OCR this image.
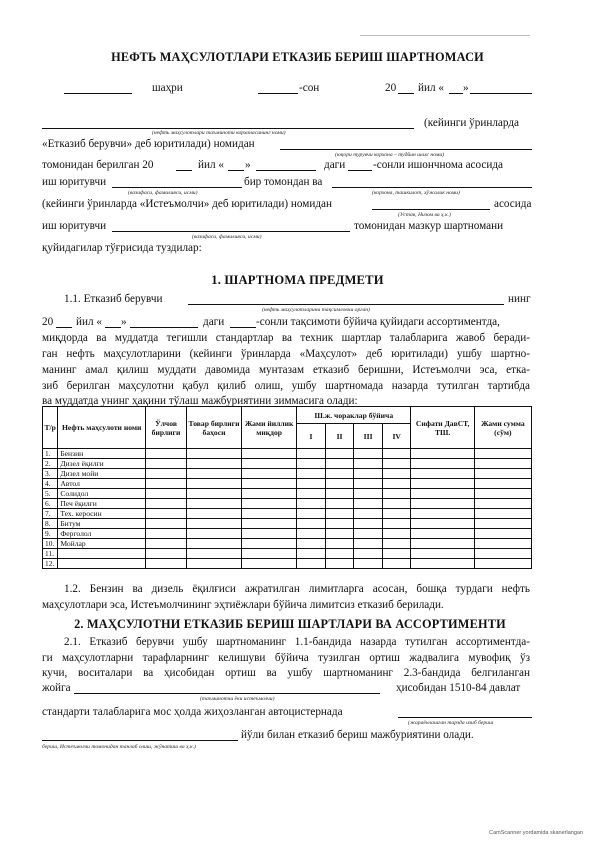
НЕФТЬ МАҲСУЛОТЛАРИ ЕТКАЗИБ БЕРИШ ШАРТНОМАСИ
шаҳри	-сон	20 йил « »
(кейинги ўринларда
(нефть маҳсулотлари таъминоти корхонасининг номи)
«Етказиб берувчи» деб юритилади) номидан
(юқори турувчи корхона – тудйин шахс номи)
томонидан берилган 20	йил « »	даги -сонли ишончнома асосида
иш юритувчи	бир томондан ва
(вазифаси, фамилияси, исми)	(корхона, ташкилот, хўжалик номи)
(кейинги ўринларда «Истеъмолчи» деб юритилади) номидан	асосида
(Устав, Низом ва ҳ.к.)
иш юритувчи	томонидан мазкур шартномани
(вазифаси, фамилияси, исми)
қуйидагилар тўғрисида туздилар:
1. ШАРТНОМА ПРЕДМЕТИ
1.1. Етказиб берувчи	нинг
(нефть маҳсулотларини тақсимловчи орган)
20 йил « »	даги	-сонли тақсимоти бўйича қуйидаги ассортиментда,
миқдорда ва муддатда тегишли стандартлар ва техник шартлар талабларига жавоб беради-
ган нефть маҳсулотларини (кейинги ўринларда «Маҳсулот» деб юритилади) ушбу шартно-
манинг амал қилиш муддати давомида мунтазам етказиб беришни, Истеъмолчи эса, етка-
зиб берилган маҳсулотни қабул қилиб олиш, ушбу шартномада назарда тутилган тартибда
ва муддатда унинг ҳақини тўлаш мажбуриятини зиммасига олади:
Т/р	Нефть маҳсулоти номи	Ўлчов бирлиги	Товар бирлиги баҳоси	Жами йиллик миқдор	Ш.ж. чораклар бўйича				Сифати ДавСТ, ТШ.	Жами сумма (сўм)
					I	II	III	IV		
1.	Бензин									
2.	Дизел ёқилғи									
3.	Дизел мойи									
4.	Автол									
5.	Солидол									
6.	Печ ёқилғи									
7.	Тех. керосин									
8.	Битум									
9.	Ферголол									
10.	Мойлар									
11.										
12.										
1.2. Бензин ва дизель ёқилғиси ажратилган лимитларга асосан, бошқа турдаги нефть
маҳсулотлари эса, Истеъмолчининг эҳтиёжлари бўйича лимитсиз етказиб берилади.
2. МАҲСУЛОТНИ ЕТКАЗИБ БЕРИШ ШАРТЛАРИ ВА АССОРТИМЕНТИ
2.1. Етказиб берувчи ушбу шартноманинг 1.1-бандида назарда тутилган ассортиментда-
ги маҳсулотларни тарафларнинг келишуви бўйича тузилган ортиш жадвалига мувофиқ ўз
кучи, воситалари ва ҳисобидан ортиш ва ушбу шартноманинг 2.3-бандида белгиланган
жойга	ҳисобидан 1510-84 давлат
(таъминотчи ёки истеъмолчи)
стандарти талабларига мос ҳолда жиҳозланган автоцистернада
(жараёнлашган тарзда изиб бериш
йўли билан етказиб бериш мажбуриятини олади.
бериш, Истеъмолчи томонидан танлаб олиш, жўнатиш ва ҳ.к.)
CamScanner yordamida skanerlangan
